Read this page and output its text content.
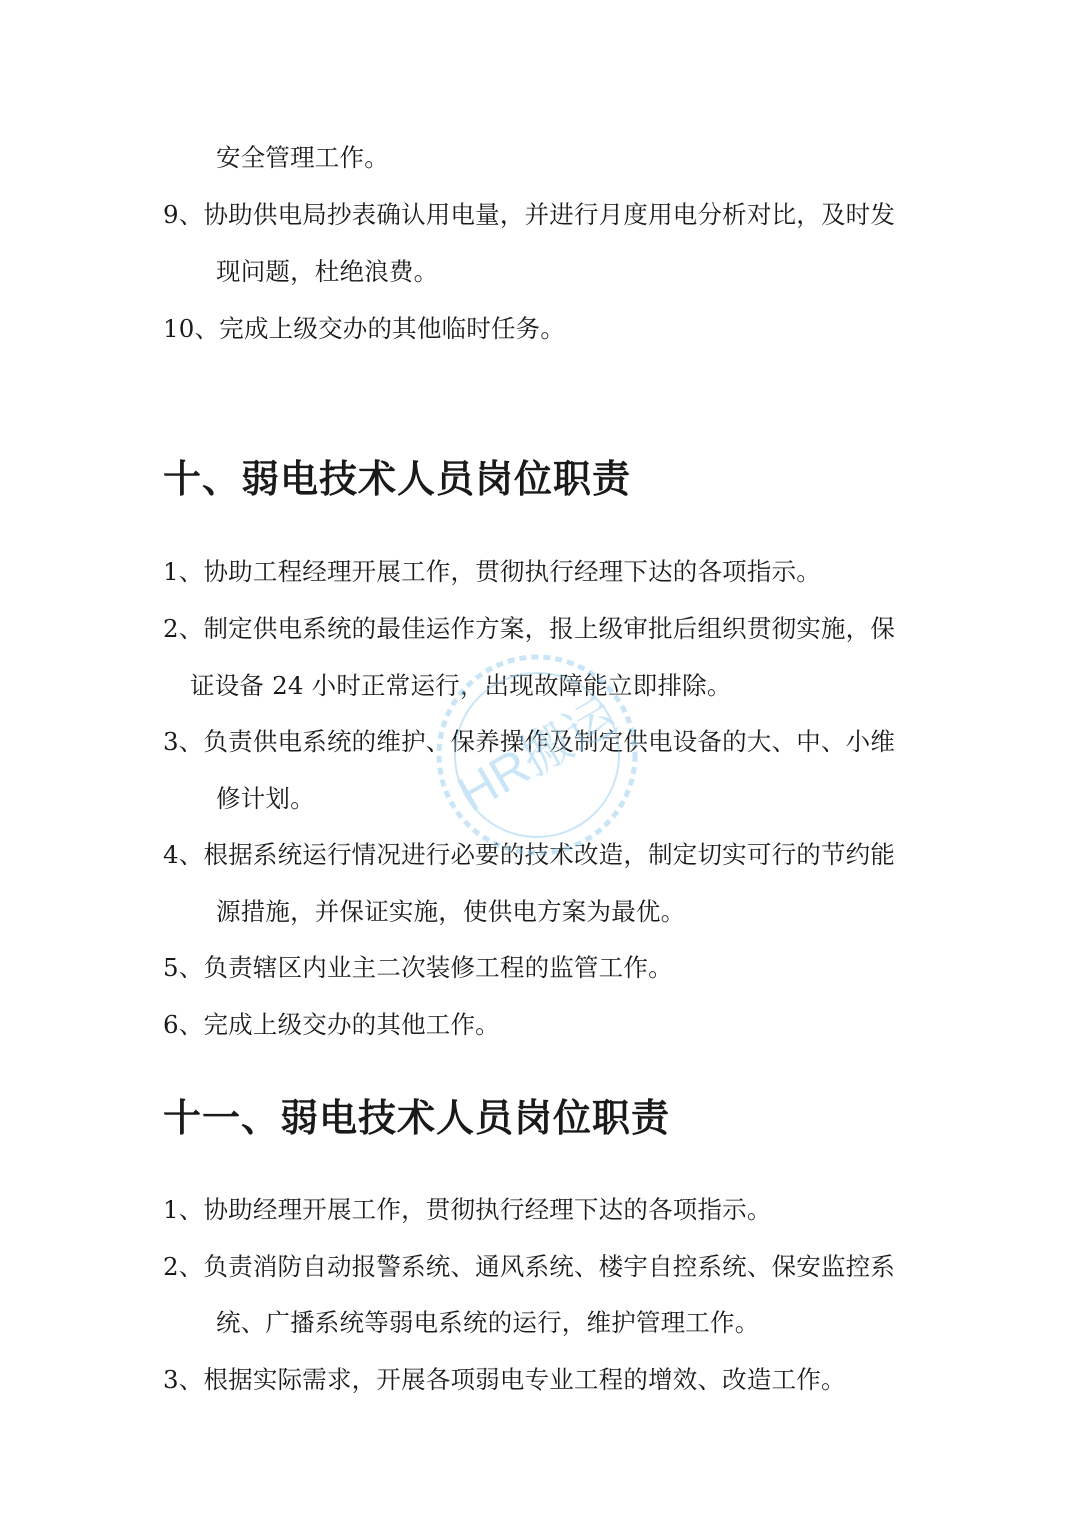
安全管理工作。
9、协助供电局抄表确认用电量，并进行月度用电分析对比，及时发
现问题，杜绝浪费。
10、完成上级交办的其他临时任务。
十、弱电技术人员岗位职责
1、协助工程经理开展工作，贯彻执行经理下达的各项指示。
2、制定供电系统的最佳运作方案，报上级审批后组织贯彻实施，保
证设备 24 小时正常运行，出现故障能立即排除。
3、负责供电系统的维护、保养操作及制定供电设备的大、中、小维
修计划。
4、根据系统运行情况进行必要的技术改造，制定切实可行的节约能
源措施，并保证实施，使供电方案为最优。
5、负责辖区内业主二次装修工程的监管工作。
6、完成上级交办的其他工作。
十一、弱电技术人员岗位职责
1、协助经理开展工作，贯彻执行经理下达的各项指示。
2、负责消防自动报警系统、通风系统、楼宇自控系统、保安监控系
统、广播系统等弱电系统的运行，维护管理工作。
3、根据实际需求，开展各项弱电专业工程的增效、改造工作。
HR搬运
